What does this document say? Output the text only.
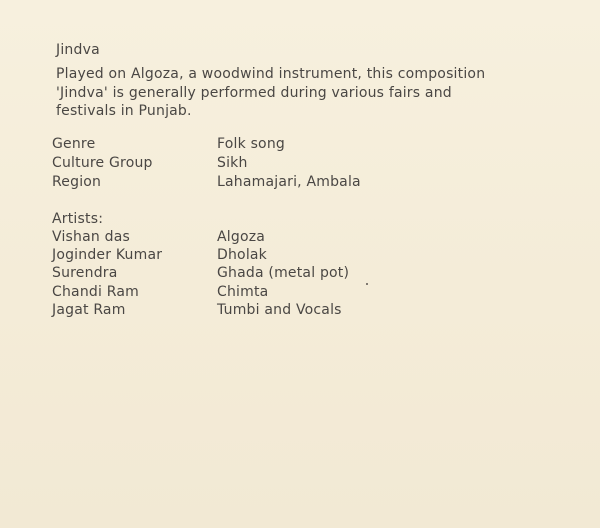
Jindva
Played on Algoza, a woodwind instrument, this composition
'Jindva' is generally performed during various fairs and
festivals in Punjab.
Genre	Folk song
Culture Group	Sikh
Region	Lahamajari, Ambala
Artists:
Vishan das	Algoza
Joginder Kumar	Dholak
Surendra	Ghada (metal pot)
Chandi Ram	Chimta
Jagat Ram	Tumbi and Vocals
